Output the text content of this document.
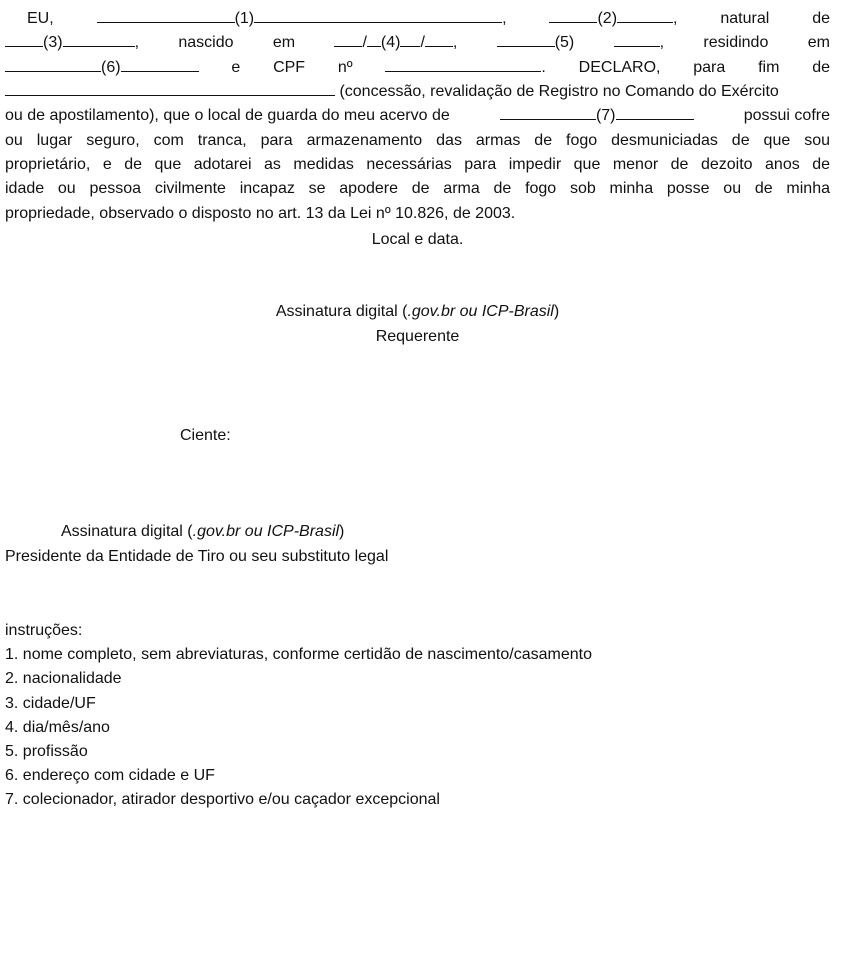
EU,	(1)	,	(2)	,	natural	de
(3)	, nascido em	/ (4) / ,	(5)	, residindo em
(6)	e CPF nº	. DECLARO, para fim de
(concessão, revalidação de Registro no Comando do Exército
ou de apostilamento), que o local de guarda do meu acervo de	(7)	possui cofre
ou lugar seguro, com tranca, para armazenamento das armas de fogo desmuniciadas de que sou
proprietário, e de que adotarei as medidas necessárias para impedir que menor de dezoito anos de
idade ou pessoa civilmente incapaz se apodere de arma de fogo sob minha posse ou de minha
propriedade, observado o disposto no art. 13 da Lei nº 10.826, de 2003.
Local e data.
Assinatura digital (.gov.br ou ICP-Brasil)
Requerente
Ciente:
Assinatura digital (.gov.br ou ICP-Brasil)
Presidente da Entidade de Tiro ou seu substituto legal
instruções:
1. nome completo, sem abreviaturas, conforme certidão de nascimento/casamento
2. nacionalidade
3. cidade/UF
4. dia/mês/ano
5. profissão
6. endereço com cidade e UF
7. colecionador, atirador desportivo e/ou caçador excepcional
